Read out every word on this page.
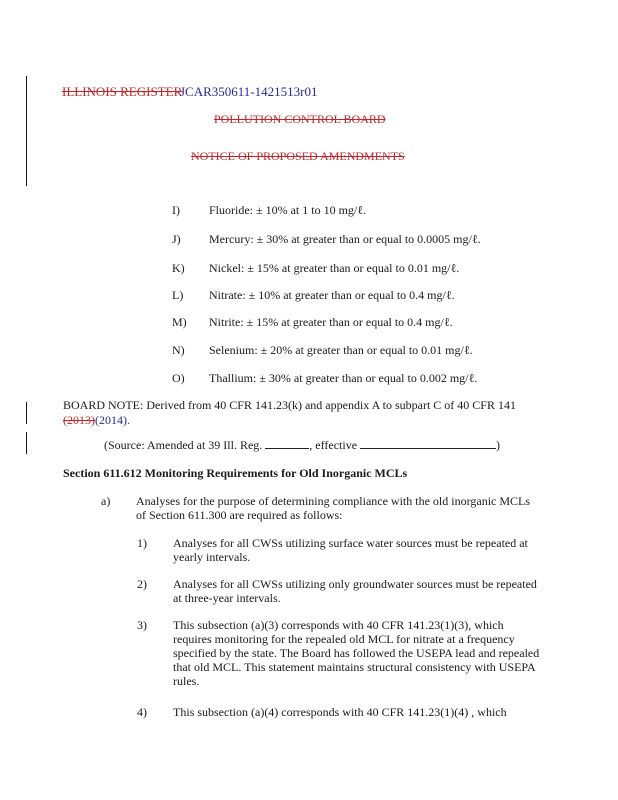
ILLINOIS REGISTER
JCAR350611-1421513r01
POLLUTION CONTROL BOARD
NOTICE OF PROPOSED AMENDMENTS
I)	Fluoride: ± 10% at 1 to 10 mg/ℓ.
J)	Mercury: ± 30% at greater than or equal to 0.0005 mg/ℓ.
K)	Nickel: ± 15% at greater than or equal to 0.01 mg/ℓ.
L)	Nitrate: ± 10% at greater than or equal to 0.4 mg/ℓ.
M)	Nitrite: ± 15% at greater than or equal to 0.4 mg/ℓ.
N)	Selenium: ± 20% at greater than or equal to 0.01 mg/ℓ.
O)	Thallium: ± 30% at greater than or equal to 0.002 mg/ℓ.
BOARD NOTE: Derived from 40 CFR 141.23(k) and appendix A to subpart C of 40 CFR 141
(2013)(2014).
(Source: Amended at 39 Ill. Reg.	, effective	)
Section 611.612 Monitoring Requirements for Old Inorganic MCLs
a) Analyses for the purpose of determining compliance with the old inorganic MCLs of Section 611.300 are required as follows:
1) Analyses for all CWSs utilizing surface water sources must be repeated at yearly intervals.
2) Analyses for all CWSs utilizing only groundwater sources must be repeated at three-year intervals.
3) This subsection (a)(3) corresponds with 40 CFR 141.23(1)(3), which requires monitoring for the repealed old MCL for nitrate at a frequency specified by the state. The Board has followed the USEPA lead and repealed that old MCL. This statement maintains structural consistency with USEPA rules.
4) This subsection (a)(4) corresponds with 40 CFR 141.23(1)(4) , which
